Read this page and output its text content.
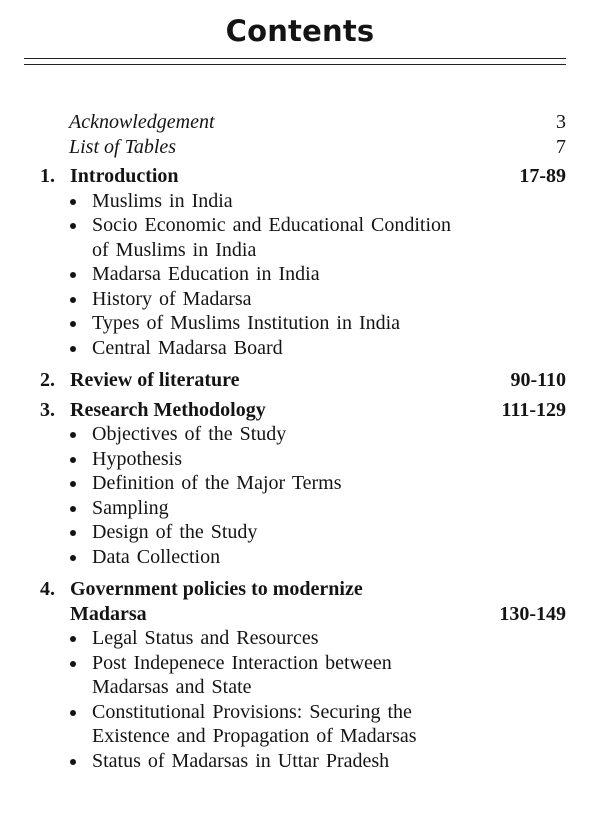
Contents
Acknowledgement	3
List of Tables	7
1. Introduction	17-89
Muslims in India
Socio Economic and Educational Condition
of Muslims in India
Madarsa Education in India
History of Madarsa
Types of Muslims Institution in India
Central Madarsa Board
2. Review of literature	90-110
3. Research Methodology	111-129
Objectives of the Study
Hypothesis
Definition of the Major Terms
Sampling
Design of the Study
Data Collection
4. Government policies to modernize
Madarsa	130-149
Legal Status and Resources
Post Indepenece Interaction between
Madarsas and State
Constitutional Provisions: Securing the
Existence and Propagation of Madarsas
Status of Madarsas in Uttar Pradesh
